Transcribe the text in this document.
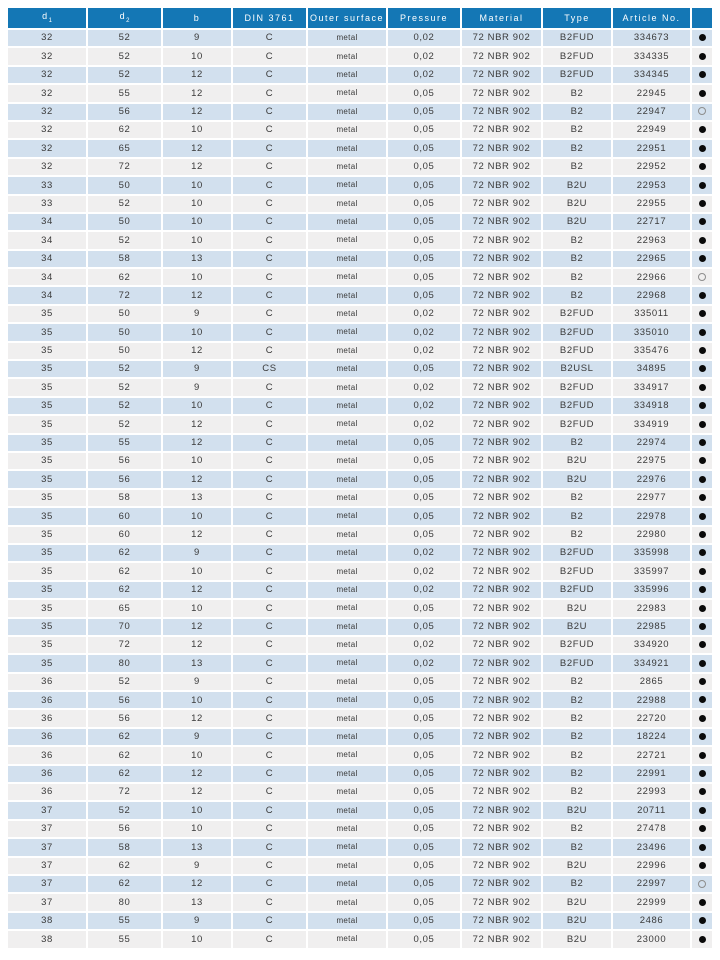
$d_1$	$d_2$	b	DIN 3761	Outer surface	Pressure	Material	Type	Article No.	
32	52	9	C	metal	0,02	72 NBR 902	B2FUD	334673	
32	52	10	C	metal	0,02	72 NBR 902	B2FUD	334335	
32	52	12	C	metal	0,02	72 NBR 902	B2FUD	334345	
32	55	12	C	metal	0,05	72 NBR 902	B2	22945	
32	56	12	C	metal	0,05	72 NBR 902	B2	22947	
32	62	10	C	metal	0,05	72 NBR 902	B2	22949	
32	65	12	C	metal	0,05	72 NBR 902	B2	22951	
32	72	12	C	metal	0,05	72 NBR 902	B2	22952	
33	50	10	C	metal	0,05	72 NBR 902	B2U	22953	
33	52	10	C	metal	0,05	72 NBR 902	B2U	22955	
34	50	10	C	metal	0,05	72 NBR 902	B2U	22717	
34	52	10	C	metal	0,05	72 NBR 902	B2	22963	
34	58	13	C	metal	0,05	72 NBR 902	B2	22965	
34	62	10	C	metal	0,05	72 NBR 902	B2	22966	
34	72	12	C	metal	0,05	72 NBR 902	B2	22968	
35	50	9	C	metal	0,02	72 NBR 902	B2FUD	335011	
35	50	10	C	metal	0,02	72 NBR 902	B2FUD	335010	
35	50	12	C	metal	0,02	72 NBR 902	B2FUD	335476	
35	52	9	CS	metal	0,05	72 NBR 902	B2USL	34895	
35	52	9	C	metal	0,02	72 NBR 902	B2FUD	334917	
35	52	10	C	metal	0,02	72 NBR 902	B2FUD	334918	
35	52	12	C	metal	0,02	72 NBR 902	B2FUD	334919	
35	55	12	C	metal	0,05	72 NBR 902	B2	22974	
35	56	10	C	metal	0,05	72 NBR 902	B2U	22975	
35	56	12	C	metal	0,05	72 NBR 902	B2U	22976	
35	58	13	C	metal	0,05	72 NBR 902	B2	22977	
35	60	10	C	metal	0,05	72 NBR 902	B2	22978	
35	60	12	C	metal	0,05	72 NBR 902	B2	22980	
35	62	9	C	metal	0,02	72 NBR 902	B2FUD	335998	
35	62	10	C	metal	0,02	72 NBR 902	B2FUD	335997	
35	62	12	C	metal	0,02	72 NBR 902	B2FUD	335996	
35	65	10	C	metal	0,05	72 NBR 902	B2U	22983	
35	70	12	C	metal	0,05	72 NBR 902	B2U	22985	
35	72	12	C	metal	0,02	72 NBR 902	B2FUD	334920	
35	80	13	C	metal	0,02	72 NBR 902	B2FUD	334921	
36	52	9	C	metal	0,05	72 NBR 902	B2	2865	
36	56	10	C	metal	0,05	72 NBR 902	B2	22988	
36	56	12	C	metal	0,05	72 NBR 902	B2	22720	
36	62	9	C	metal	0,05	72 NBR 902	B2	18224	
36	62	10	C	metal	0,05	72 NBR 902	B2	22721	
36	62	12	C	metal	0,05	72 NBR 902	B2	22991	
36	72	12	C	metal	0,05	72 NBR 902	B2	22993	
37	52	10	C	metal	0,05	72 NBR 902	B2U	20711	
37	56	10	C	metal	0,05	72 NBR 902	B2	27478	
37	58	13	C	metal	0,05	72 NBR 902	B2	23496	
37	62	9	C	metal	0,05	72 NBR 902	B2U	22996	
37	62	12	C	metal	0,05	72 NBR 902	B2	22997	
37	80	13	C	metal	0,05	72 NBR 902	B2U	22999	
38	55	9	C	metal	0,05	72 NBR 902	B2U	2486	
38	55	10	C	metal	0,05	72 NBR 902	B2U	23000	
